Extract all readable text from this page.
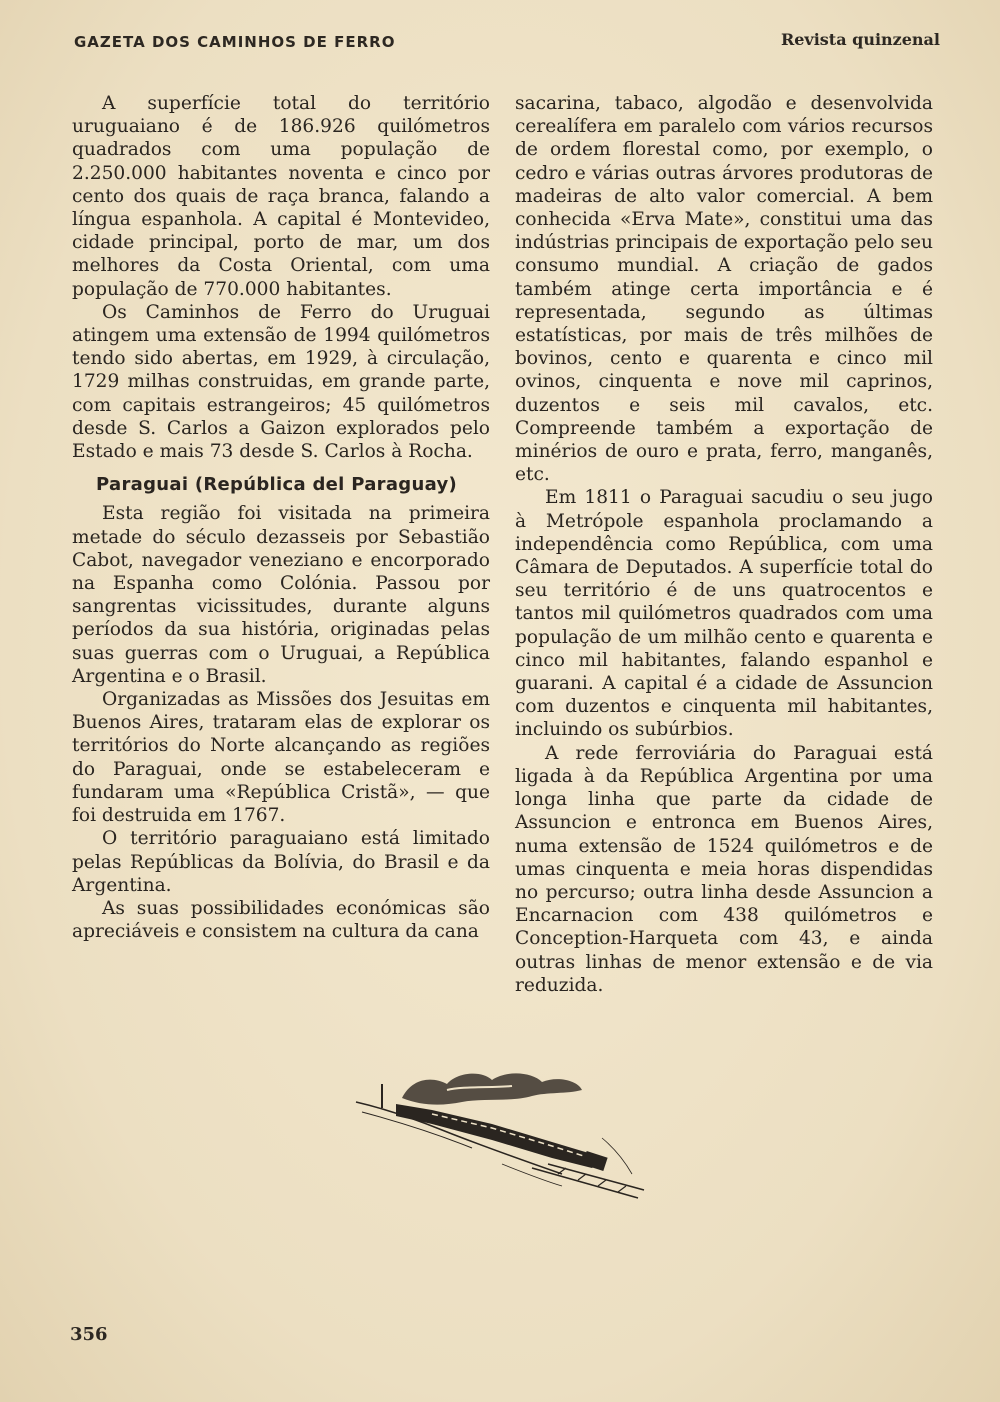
GAZETA DOS CAMINHOS DE FERRO	Revista quinzenal

A superfície total do território uruguaiano é de 186.926 quilómetros quadrados com uma população de 2.250.000 habitantes noventa e cinco por cento dos quais de raça branca, falando a língua espanhola. A capital é Montevideo, cidade principal, porto de mar, um dos melhores da Costa Oriental, com uma população de 770.000 habitantes.

Os Caminhos de Ferro do Uruguai atingem uma extensão de 1994 quilómetros tendo sido abertas, em 1929, à circulação, 1729 milhas construidas, em grande parte, com capitais estrangeiros; 45 quilómetros desde S. Carlos a Gaizon explorados pelo Estado e mais 73 desde S. Carlos à Rocha.

Paraguai (República del Paraguay)

Esta região foi visitada na primeira metade do século dezasseis por Sebastião Cabot, navegador veneziano e encorporado na Espanha como Colónia. Passou por sangrentas vicissitudes, durante alguns períodos da sua história, originadas pelas suas guerras com o Uruguai, a República Argentina e o Brasil.

Organizadas as Missões dos Jesuitas em Buenos Aires, trataram elas de explorar os territórios do Norte alcançando as regiões do Paraguai, onde se estabeleceram e fundaram uma «República Cristã», — que foi destruida em 1767.

O território paraguaiano está limitado pelas Repúblicas da Bolívia, do Brasil e da Argentina.

As suas possibilidades económicas são apreciáveis e consistem na cultura da cana

sacarina, tabaco, algodão e desenvolvida cerealífera em paralelo com vários recursos de ordem florestal como, por exemplo, o cedro e várias outras árvores produtoras de madeiras de alto valor comercial. A bem conhecida «Erva Mate», constitui uma das indústrias principais de exportação pelo seu consumo mundial. A criação de gados também atinge certa importância e é representada, segundo as últimas estatísticas, por mais de três milhões de bovinos, cento e quarenta e cinco mil ovinos, cinquenta e nove mil caprinos, duzentos e seis mil cavalos, etc. Compreende também a exportação de minérios de ouro e prata, ferro, manganês, etc.

Em 1811 o Paraguai sacudiu o seu jugo à Metrópole espanhola proclamando a independência como República, com uma Câmara de Deputados. A superfície total do seu território é de uns quatrocentos e tantos mil quilómetros quadrados com uma população de um milhão cento e quarenta e cinco mil habitantes, falando espanhol e guarani. A capital é a cidade de Assuncion com duzentos e cinquenta mil habitantes, incluindo os subúrbios.

A rede ferroviária do Paraguai está ligada à da República Argentina por uma longa linha que parte da cidade de Assuncion e entronca em Buenos Aires, numa extensão de 1524 quilómetros e de umas cinquenta e meia horas dispendidas no percurso; outra linha desde Assuncion a Encarnacion com 438 quilómetros e Conception-Harqueta com 43, e ainda outras linhas de menor extensão e de via reduzida.

356
